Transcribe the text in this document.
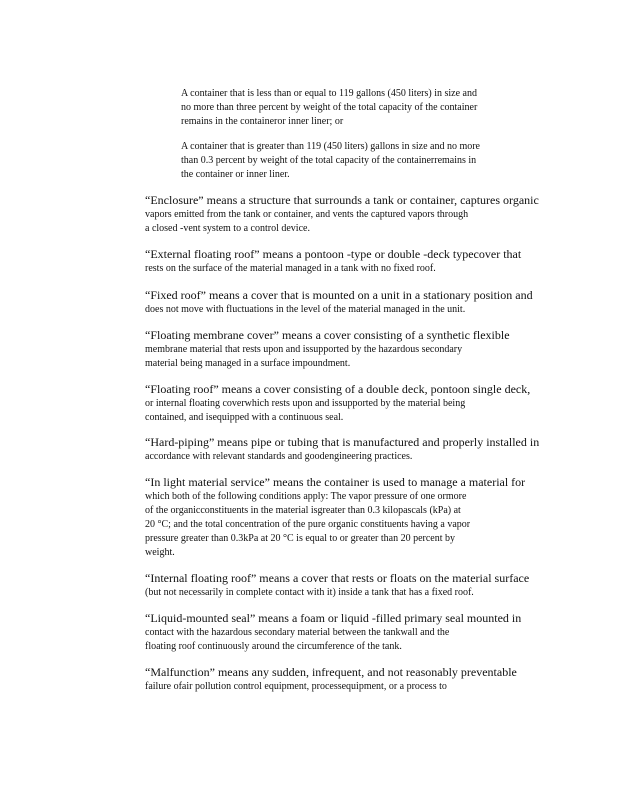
A container that is less than or equal to 119 gallons (450 liters) in size and
no more than three percent by weight of the total capacity of the container
remains in the containeror inner liner; or
A container that is greater than 119 (450 liters) gallons in size and no more
than 0.3 percent by weight of the total capacity of the containerremains in
the container or inner liner.
“Enclosure” means a structure that surrounds a tank or container, captures organic
vapors emitted from the tank or container, and vents the captured vapors through
a closed -vent system to a control device.
“External floating roof” means a pontoon -type or double -deck typecover that
rests on the surface of the material managed in a tank with no fixed roof.
“Fixed roof” means a cover that is mounted on a unit in a stationary position and
does not move with fluctuations in the level of the material managed in the unit.
“Floating membrane cover” means a cover consisting of a synthetic flexible
membrane material that rests upon and issupported by the hazardous secondary
material being managed in a surface impoundment.
“Floating roof” means a cover consisting of a double deck, pontoon single deck,
or internal floating coverwhich rests upon and issupported by the material being
contained, and isequipped with a continuous seal.
“Hard-piping” means pipe or tubing that is manufactured and properly installed in
accordance with relevant standards and goodengineering practices.
“In light material service” means the container is used to manage a material for
which both of the following conditions apply: The vapor pressure of one ormore
of the organicconstituents in the material isgreater than 0.3 kilopascals (kPa) at
20 °C; and the total concentration of the pure organic constituents having a vapor
pressure greater than 0.3kPa at 20 °C is equal to or greater than 20 percent by
weight.
“Internal floating roof” means a cover that rests or floats on the material surface
(but not necessarily in complete contact with it) inside a tank that has a fixed roof.
“Liquid-mounted seal” means a foam or liquid -filled primary seal mounted in
contact with the hazardous secondary material between the tankwall and the
floating roof continuously around the circumference of the tank.
“Malfunction” means any sudden, infrequent, and not reasonably preventable
failure ofair pollution control equipment, processequipment, or a process to
